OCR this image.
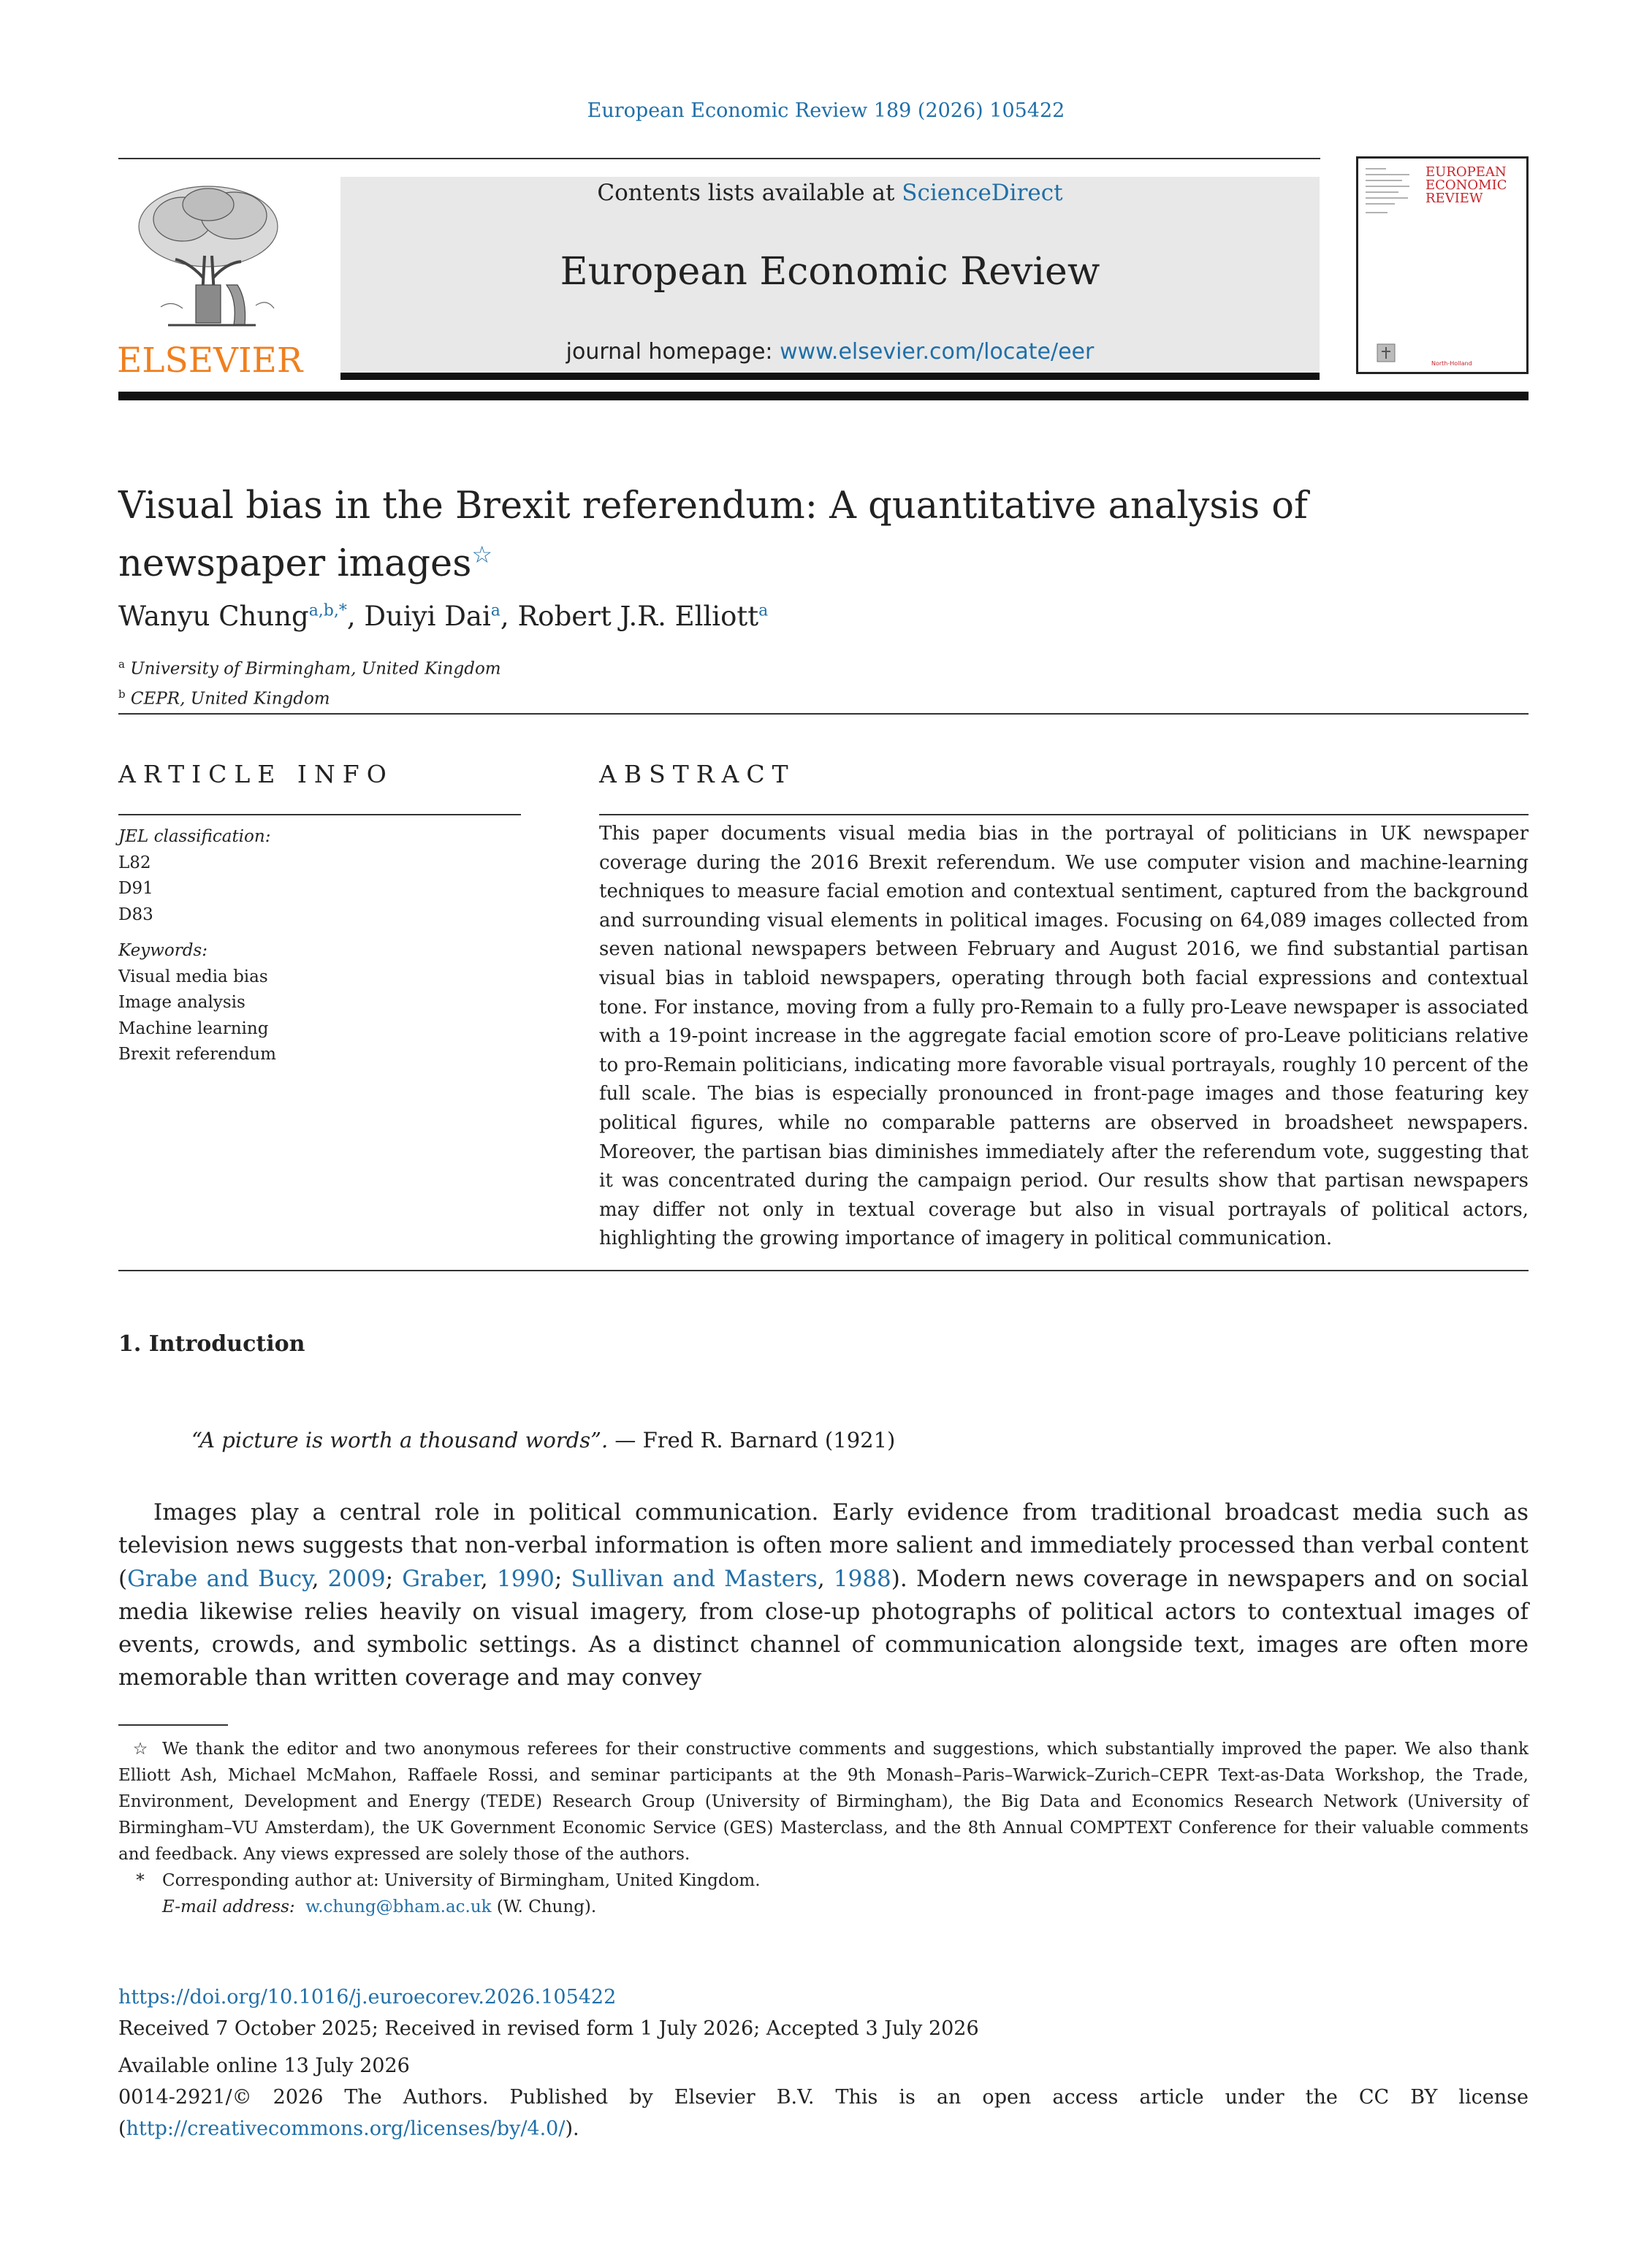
European Economic Review 189 (2026) 105422
ELSEVIER
Contents lists available at ScienceDirect
European Economic Review
journal homepage: www.elsevier.com/locate/eer
EUROPEAN
ECONOMIC
REVIEW
North-Holland
Visual bias in the Brexit referendum: A quantitative analysis of
newspaper images☆
Wanyu Chung$^{a,b,*}$, Duiyi Dai$^a$, Robert J.R. Elliott$^a$
$^a$ University of Birmingham, United Kingdom
$^b$ CEPR, United Kingdom
ARTICLE INFO
JEL classification:
L82
D91
D83
Keywords:
Visual media bias
Image analysis
Machine learning
Brexit referendum
ABSTRACT
This paper documents visual media bias in the portrayal of politicians in UK newspaper coverage during the 2016 Brexit referendum. We use computer vision and machine-learning techniques to measure facial emotion and contextual sentiment, captured from the background and surrounding visual elements in political images. Focusing on 64,089 images collected from seven national newspapers between February and August 2016, we find substantial partisan visual bias in tabloid newspapers, operating through both facial expressions and contextual tone. For instance, moving from a fully pro-Remain to a fully pro-Leave newspaper is associated with a 19-point increase in the aggregate facial emotion score of pro-Leave politicians relative to pro-Remain politicians, indicating more favorable visual portrayals, roughly 10 percent of the full scale. The bias is especially pronounced in front-page images and those featuring key political figures, while no comparable patterns are observed in broadsheet newspapers. Moreover, the partisan bias diminishes immediately after the referendum vote, suggesting that it was concentrated during the campaign period. Our results show that partisan newspapers may differ not only in textual coverage but also in visual portrayals of political actors, highlighting the growing importance of imagery in political communication.
1. Introduction
“A picture is worth a thousand words”. — Fred R. Barnard (1921)
Images play a central role in political communication. Early evidence from traditional broadcast media such as television news suggests that non-verbal information is often more salient and immediately processed than verbal content (Grabe and Bucy, 2009; Graber, 1990; Sullivan and Masters, 1988). Modern news coverage in newspapers and on social media likewise relies heavily on visual imagery, from close-up photographs of political actors to contextual images of events, crowds, and symbolic settings. As a distinct channel of communication alongside text, images are often more memorable than written coverage and may convey
☆ We thank the editor and two anonymous referees for their constructive comments and suggestions, which substantially improved the paper. We also thank Elliott Ash, Michael McMahon, Raffaele Rossi, and seminar participants at the 9th Monash–Paris–Warwick–Zurich–CEPR Text-as-Data Workshop, the Trade, Environment, Development and Energy (TEDE) Research Group (University of Birmingham), the Big Data and Economics Research Network (University of Birmingham–VU Amsterdam), the UK Government Economic Service (GES) Masterclass, and the 8th Annual COMPTEXT Conference for their valuable comments and feedback. Any views expressed are solely those of the authors.
* Corresponding author at: University of Birmingham, United Kingdom.
E-mail address: w.chung@bham.ac.uk (W. Chung).
https://doi.org/10.1016/j.euroecorev.2026.105422
Received 7 October 2025; Received in revised form 1 July 2026; Accepted 3 July 2026
Available online 13 July 2026
0014-2921/© 2026 The Authors. Published by Elsevier B.V. This is an open access article under the CC BY license
(http://creativecommons.org/licenses/by/4.0/).
